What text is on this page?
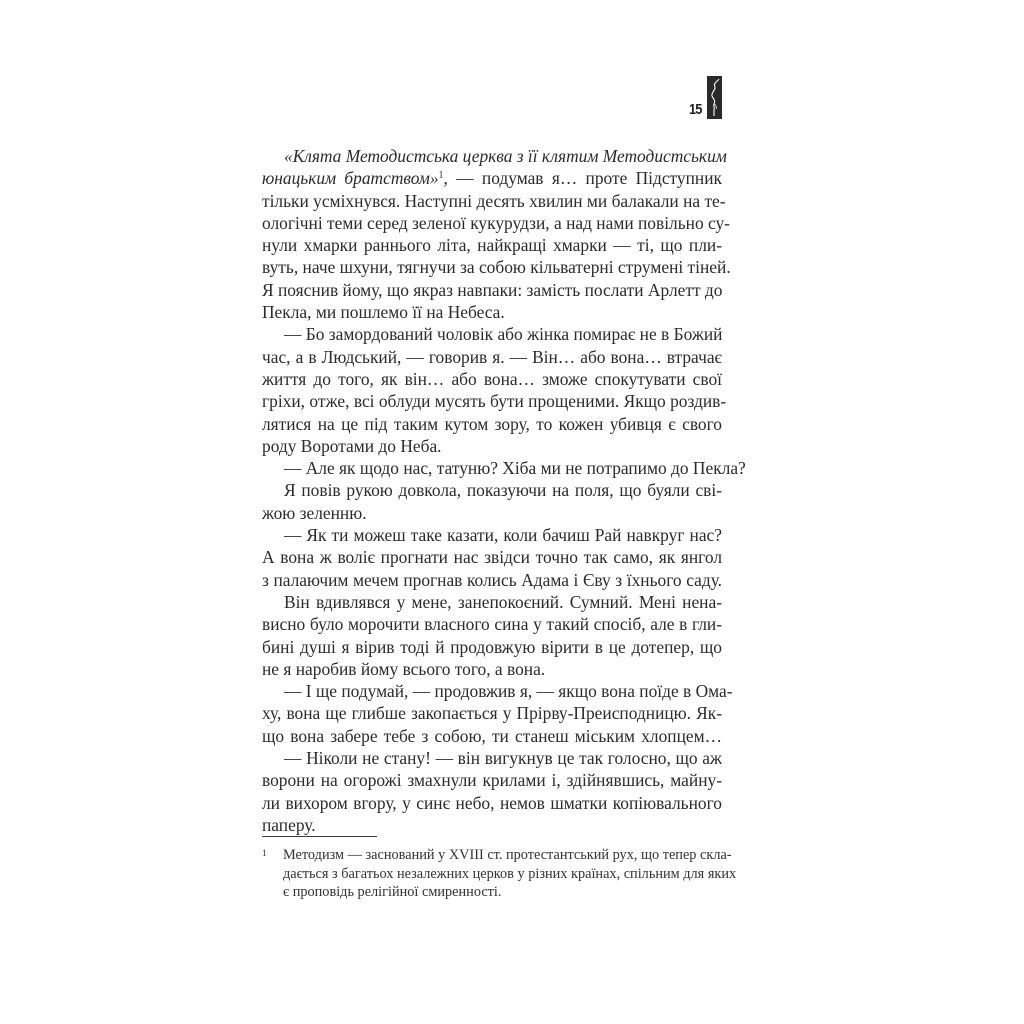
15
«Клята Методистська церква з її клятим Методистським
юнацьким братством»$^1$, — подумав я… проте Підступник
тільки усміхнувся. Наступні десять хвилин ми балакали на те-
ологічні теми серед зеленої кукурудзи, а над нами повільно су-
нули хмарки раннього літа, найкращі хмарки — ті, що пли-
вуть, наче шхуни, тягнучи за собою кільватерні струмені тіней.
Я пояснив йому, що якраз навпаки: замість послати Арлетт до
Пекла, ми пошлемо її на Небеса.
— Бо замордований чоловік або жінка помирає не в Божий
час, а в Людський, — говорив я. — Він… або вона… втрачає
життя до того, як він… або вона… зможе спокутувати свої
гріхи, отже, всі облуди мусять бути прощеними. Якщо роздив-
лятися на це під таким кутом зору, то кожен убивця є свого
роду Воротами до Неба.
— Але як щодо нас, татуню? Хіба ми не потрапимо до Пекла?
Я повів рукою довкола, показуючи на поля, що буяли сві-
жою зеленню.
— Як ти можеш таке казати, коли бачиш Рай навкруг нас?
А вона ж воліє прогнати нас звідси точно так само, як янгол
з палаючим мечем прогнав колись Адама і Єву з їхнього саду.
Він вдивлявся у мене, занепокоєний. Сумний. Мені нена-
висно було морочити власного сина у такий спосіб, але в гли-
бині душі я вірив тоді й продовжую вірити в це дотепер, що
не я наробив йому всього того, а вона.
— І ще подумай, — продовжив я, — якщо вона поїде в Ома-
ху, вона ще глибше закопається у Прірву-Преисподницю. Як-
що вона забере тебе з собою, ти станеш міським хлопцем…
— Ніколи не стану! — він вигукнув це так голосно, що аж
ворони на огорожі змахнули крилами і, здійнявшись, майну-
ли вихором вгору, у синє небо, немов шматки копіювального
паперу.
1 Методизм — заснований у XVIII ст. протестантський рух, що тепер скла-
дається з багатьох незалежних церков у різних країнах, спільним для яких
є проповідь релігійної смиренності.
